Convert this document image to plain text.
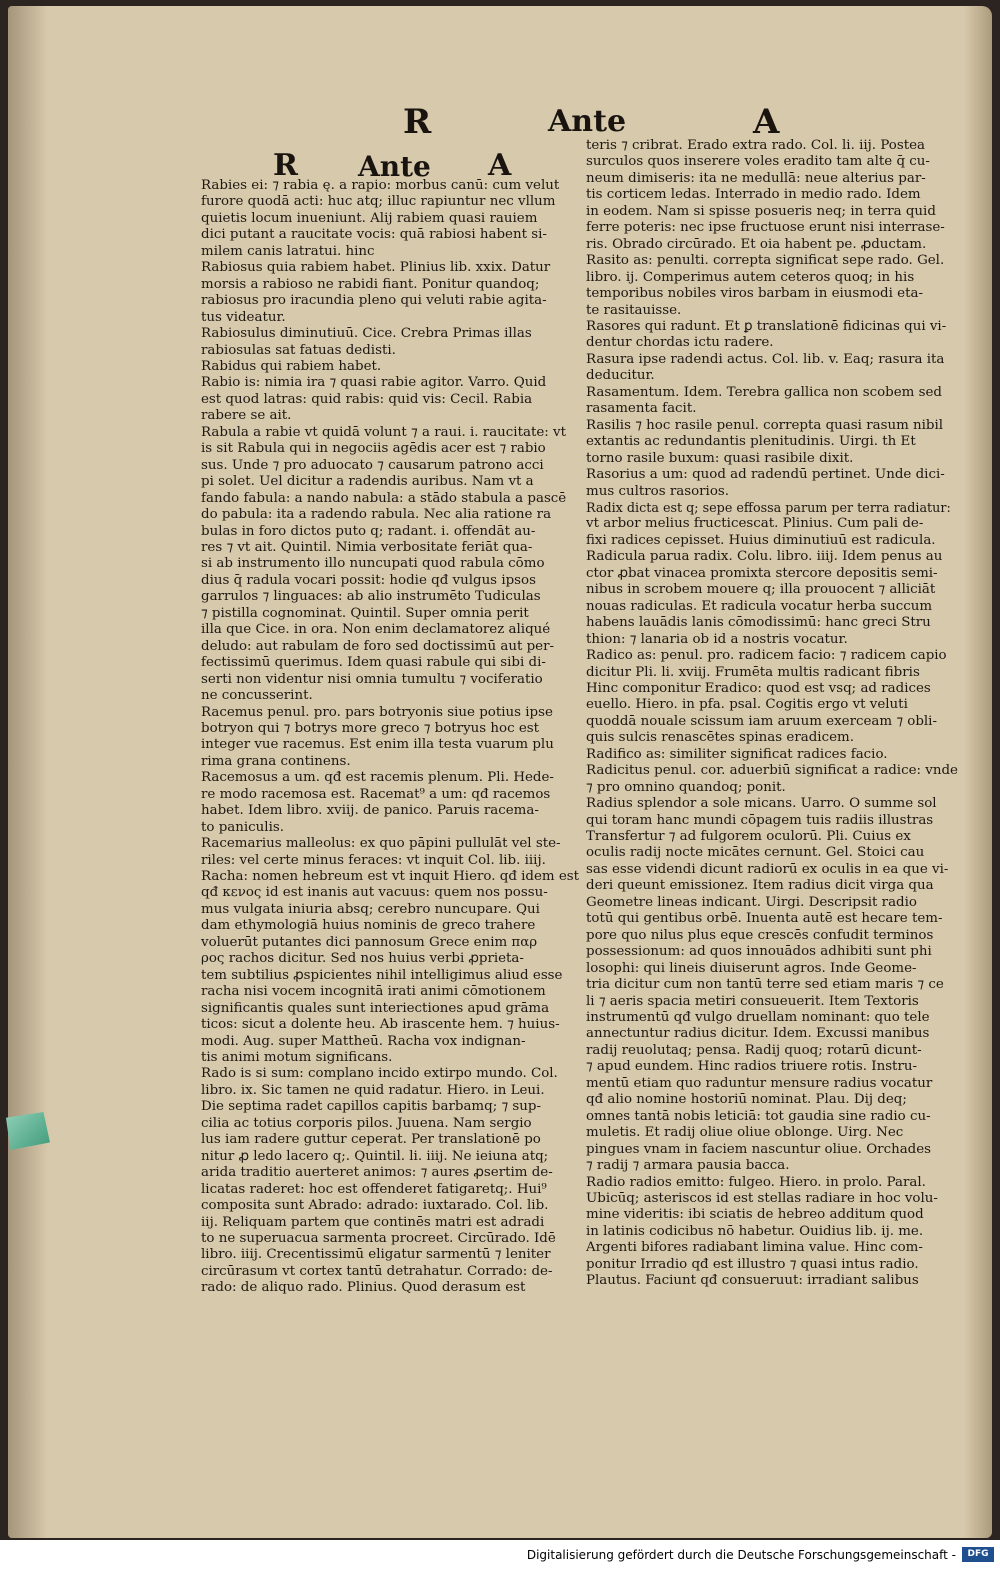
R	Ante	A
R Ante A
Rabies ei: ⁊ rabia ę. a rapio: morbus canū: cum velut
furore quodā acti: huc atq; illuc rapiuntur nec vllum
quietis locum inueniunt. Alij rabiem quasi rauiem
dici putant a raucitate vocis: quā rabiosi habent si-
milem canis latratui. hinc
Rabiosus quia rabiem habet. Plinius lib. xxix. Datur
morsis a rabioso ne rabidi fiant. Ponitur quandoq;
rabiosus pro iracundia pleno qui veluti rabie agita-
tus videatur.
Rabiosulus diminutiuū. Cice. Crebra Primas illas
rabiosulas sat fatuas dedisti.
Rabidus qui rabiem habet.
Rabio is: nimia ira ⁊ quasi rabie agitor. Varro. Quid
est quod latras: quid rabis: quid vis: Cecil. Rabia
rabere se ait.
Rabula a rabie vt quidā volunt ⁊ a raui. i. raucitate: vt
is sit Rabula qui in negociis agēdis acer est ⁊ rabio
sus. Unde ⁊ pro aduocato ⁊ causarum patrono acci
pi solet. Uel dicitur a radendis auribus. Nam vt a
fando fabula: a nando nabula: a stādo stabula a pascē
do pabula: ita a radendo rabula. Nec alia ratione ra
bulas in foro dictos puto q; radant. i. offendāt au-
res ⁊ vt ait. Quintil. Nimia verbositate feriāt qua-
si ab instrumento illo nuncupati quod rabula cōmo
dius q̄ radula vocari possit: hodie qđ vulgus ipsos
garrulos ⁊ linguaces: ab alio instrumēto Tudiculas
⁊ pistilla cognominat. Quintil. Super omnia perit
illa que Cice. in ora. Non enim declamatorez aliqué
deludo: aut rabulam de foro sed doctissimū aut per-
fectissimū querimus. Idem quasi rabule qui sibi di-
serti non videntur nisi omnia tumultu ⁊ vociferatio
ne concusserint.
Racemus penul. pro. pars botryonis siue potius ipse
botryon qui ⁊ botrys more greco ⁊ botryus hoc est
integer vue racemus. Est enim illa testa vuarum plu
rima grana continens.
Racemosus a um. qđ est racemis plenum. Pli. Hede-
re modo racemosa est. Racemat⁹ a um: qđ racemos
habet. Idem libro. xviij. de panico. Paruis racema-
to paniculis.
Racemarius malleolus: ex quo pāpini pullulāt vel ste-
riles: vel certe minus feraces: vt inquit Col. lib. iiij.
Racha: nomen hebreum est vt inquit Hiero. qđ idem est
qđ κενος id est inanis aut vacuus: quem nos possu-
mus vulgata iniuria absq; cerebro nuncupare. Qui
dam ethymologiā huius nominis de greco trahere
voluerūt putantes dici pannosum Grece enim παρ
ρος rachos dicitur. Sed nos huius verbi ꝓprieta-
tem subtilius ꝓspicientes nihil intelligimus aliud esse
racha nisi vocem incognitā irati animi cōmotionem
significantis quales sunt interiectiones apud grāma
ticos: sicut a dolente heu. Ab irascente hem. ⁊ huius-
modi. Aug. super Mattheū. Racha vox indignan-
tis animi motum significans.
Rado is si sum: complano incido extirpo mundo. Col.
libro. ix. Sic tamen ne quid radatur. Hiero. in Leui.
Die septima radet capillos capitis barbamq; ⁊ sup-
cilia ac totius corporis pilos. Juuena. Nam sergio
lus iam radere guttur ceperat. Per translationē po
nitur ꝓ ledo lacero q;. Quintil. li. iiij. Ne ieiuna atq;
arida traditio auerteret animos: ⁊ aures ꝓsertim de-
licatas raderet: hoc est offenderet fatigaretq;. Hui⁹
composita sunt Abrado: adrado: iuxtarado. Col. lib.
iij. Reliquam partem que continēs matri est adradi
to ne superuacua sarmenta procreet. Circūrado. Idē
libro. iiij. Crecentissimū eligatur sarmentū ⁊ leniter
circūrasum vt cortex tantū detrahatur. Corrado: de-
rado: de aliquo rado. Plinius. Quod derasum est
teris ⁊ cribrat. Erado extra rado. Col. li. iij. Postea
surculos quos inserere voles eradito tam alte q̄ cu-
neum dimiseris: ita ne medullā: neue alterius par-
tis corticem ledas. Interrado in medio rado. Idem
in eodem. Nam si spisse posueris neq; in terra quid
ferre poteris: nec ipse fructuose erunt nisi interrase-
ris. Obrado circūrado. Et oia habent pe. ꝓductam.
Rasito as: penulti. correpta significat sepe rado. Gel.
libro. ij. Comperimus autem ceteros quoq; in his
temporibus nobiles viros barbam in eiusmodi eta-
te rasitauisse.
Rasores qui radunt. Et ꝑ translationē fidicinas qui vi-
dentur chordas ictu radere.
Rasura ipse radendi actus. Col. lib. v. Eaq; rasura ita
deducitur.
Rasamentum. Idem. Terebra gallica non scobem sed
rasamenta facit.
Rasilis ⁊ hoc rasile penul. correpta quasi rasum nibil
extantis ac redundantis plenitudinis. Uirgi. th Et
torno rasile buxum: quasi rasibile dixit.
Rasorius a um: quod ad radendū pertinet. Unde dici-
mus cultros rasorios.
Radix dicta est q; sepe effossa parum per terra radiatur:
vt arbor melius fructicescat. Plinius. Cum pali de-
fixi radices cepisset. Huius diminutiuū est radicula.
Radicula parua radix. Colu. libro. iiij. Idem penus au
ctor ꝓbat vinacea promixta stercore depositis semi-
nibus in scrobem mouere q; illa prouocent ⁊ alliciāt
nouas radiculas. Et radicula vocatur herba succum
habens lauādis lanis cōmodissimū: hanc greci Stru
thion: ⁊ lanaria ob id a nostris vocatur.
Radico as: penul. pro. radicem facio: ⁊ radicem capio
dicitur Pli. li. xviij. Frumēta multis radicant fibris
Hinc componitur Eradico: quod est vsq; ad radices
euello. Hiero. in pfa. psal. Cogitis ergo vt veluti
quoddā nouale scissum iam aruum exerceam ⁊ obli-
quis sulcis renascētes spinas eradicem.
Radifico as: similiter significat radices facio.
Radicitus penul. cor. aduerbiū significat a radice: vnde
⁊ pro omnino quandoq; ponit.
Radius splendor a sole micans. Uarro. O summe sol
qui toram hanc mundi cōpagem tuis radiis illustras
Transfertur ⁊ ad fulgorem oculorū. Pli. Cuius ex
oculis radij nocte micātes cernunt. Gel. Stoici cau
sas esse videndi dicunt radiorū ex oculis in ea que vi-
deri queunt emissionez. Item radius dicit virga qua
Geometre lineas indicant. Uirgi. Descripsit radio
totū qui gentibus orbē. Inuenta autē est hecare tem-
pore quo nilus plus eque crescēs confudit terminos
possessionum: ad quos innouādos adhibiti sunt phi
losophi: qui lineis diuiserunt agros. Inde Geome-
tria dicitur cum non tantū terre sed etiam maris ⁊ ce
li ⁊ aeris spacia metiri consueuerit. Item Textoris
instrumentū qđ vulgo druellam nominant: quo tele
annectuntur radius dicitur. Idem. Excussi manibus
radij reuolutaq; pensa. Radij quoq; rotarū dicunt-
⁊ apud eundem. Hinc radios triuere rotis. Instru-
mentū etiam quo raduntur mensure radius vocatur
qđ alio nomine hostoriū nominat. Plau. Dij deq;
omnes tantā nobis leticiā: tot gaudia sine radio cu-
muletis. Et radij oliue oliue oblonge. Uirg. Nec
pingues vnam in faciem nascuntur oliue. Orchades
⁊ radij ⁊ armara pausia bacca.
Radio radios emitto: fulgeo. Hiero. in prolo. Paral.
Ubicūq; asteriscos id est stellas radiare in hoc volu-
mine videritis: ibi sciatis de hebreo additum quod
in latinis codicibus nō habetur. Ouidius lib. ij. me.
Argenti bifores radiabant limina value. Hinc com-
ponitur Irradio qđ est illustro ⁊ quasi intus radio.
Plautus. Faciunt qđ consueruut: irradiant salibus
Digitalisierung gefördert durch die Deutsche Forschungsgemeinschaft -	DFG
